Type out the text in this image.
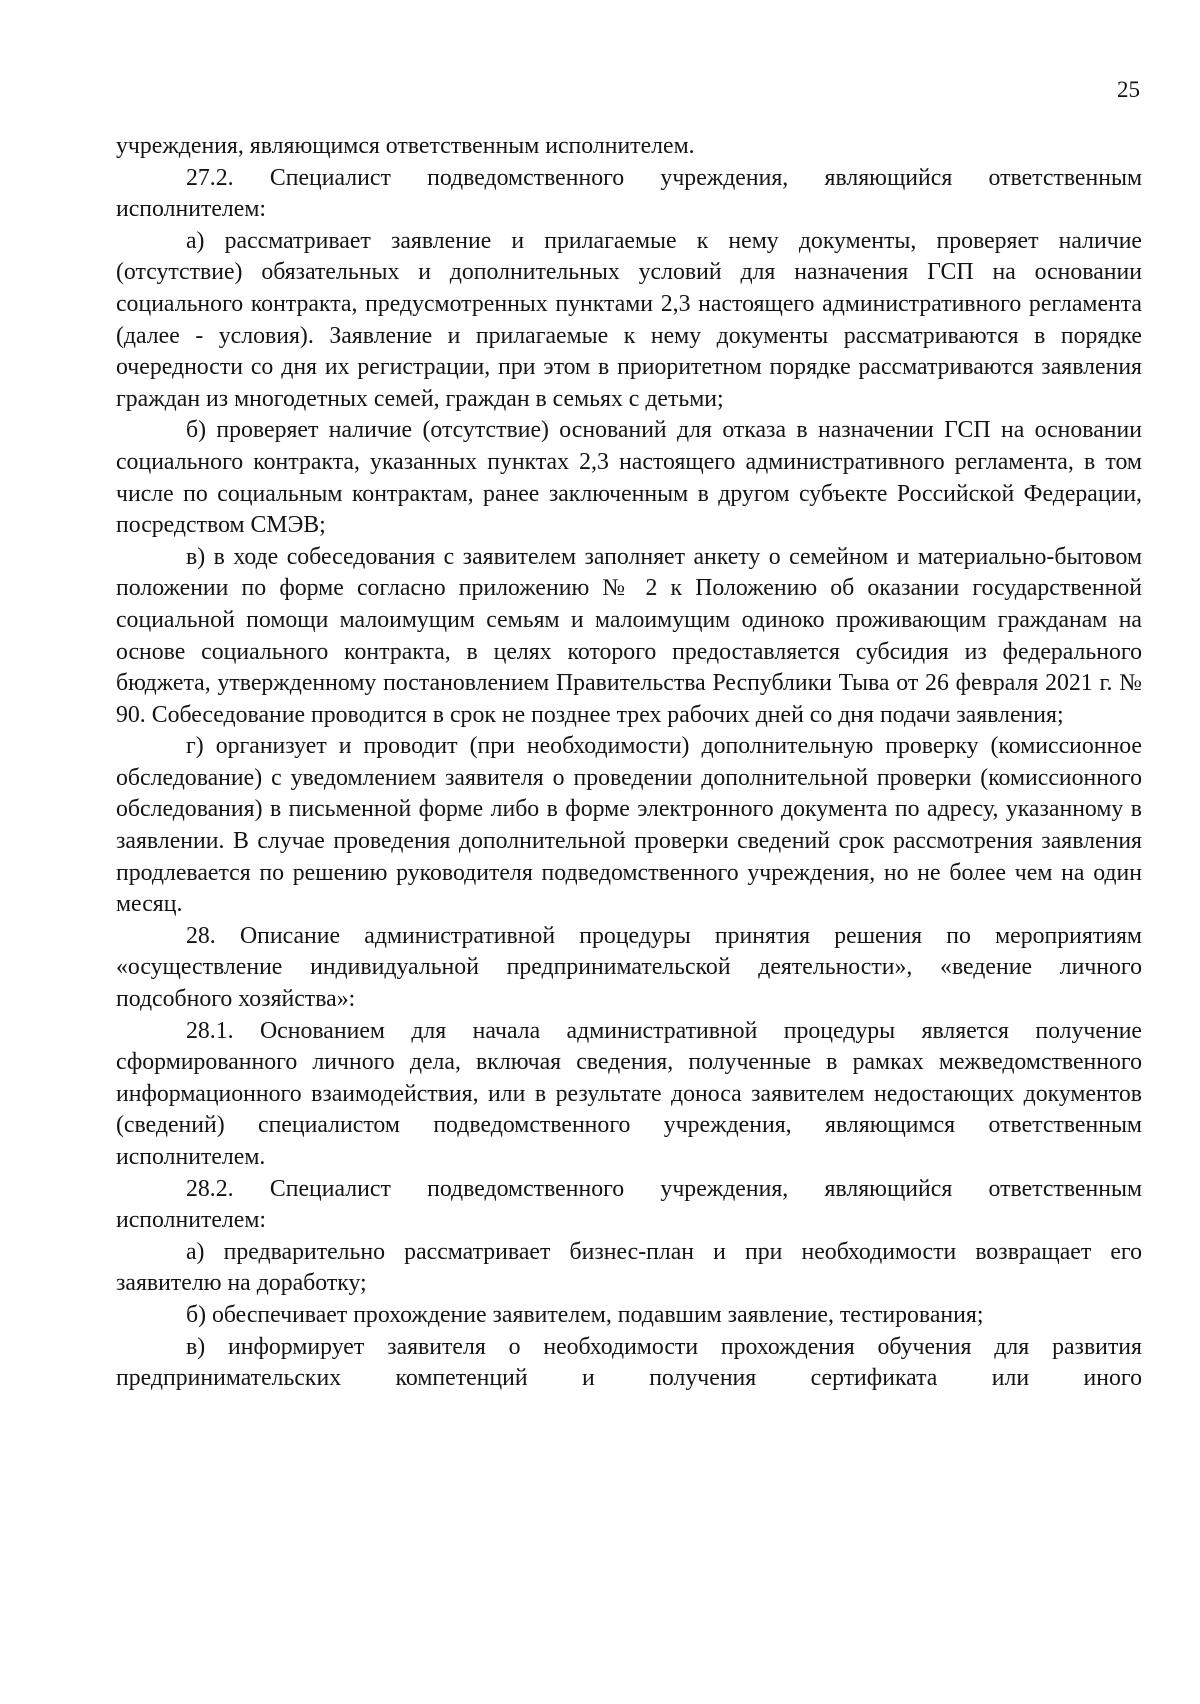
25

учреждения, являющимся ответственным исполнителем.

27.2. Специалист подведомственного учреждения, являющийся ответственным исполнителем:

а) рассматривает заявление и прилагаемые к нему документы, проверяет наличие (отсутствие) обязательных и дополнительных условий для назначения ГСП на основании социального контракта, предусмотренных пунктами 2,3 настоящего административного регламента (далее - условия). Заявление и прилагаемые к нему документы рассматриваются в порядке очередности со дня их регистрации, при этом в приоритетном порядке рассматриваются заявления граждан из многодетных семей, граждан в семьях с детьми;

б) проверяет наличие (отсутствие) оснований для отказа в назначении ГСП на основании социального контракта, указанных пунктах 2,3 настоящего административного регламента, в том числе по социальным контрактам, ранее заключенным в другом субъекте Российской Федерации, посредством СМЭВ;

в) в ходе собеседования с заявителем заполняет анкету о семейном и материально-бытовом положении по форме согласно приложению № 2 к Положению об оказании государственной социальной помощи малоимущим семьям и малоимущим одиноко проживающим гражданам на основе социального контракта, в целях которого предоставляется субсидия из федерального бюджета, утвержденному постановлением Правительства Республики Тыва от 26 февраля 2021 г. № 90. Собеседование проводится в срок не позднее трех рабочих дней со дня подачи заявления;

г) организует и проводит (при необходимости) дополнительную проверку (комиссионное обследование) с уведомлением заявителя о проведении дополнительной проверки (комиссионного обследования) в письменной форме либо в форме электронного документа по адресу, указанному в заявлении. В случае проведения дополнительной проверки сведений срок рассмотрения заявления продлевается по решению руководителя подведомственного учреждения, но не более чем на один месяц.

28. Описание административной процедуры принятия решения по мероприятиям «осуществление индивидуальной предпринимательской деятельности», «ведение личного подсобного хозяйства»:

28.1. Основанием для начала административной процедуры является получение сформированного личного дела, включая сведения, полученные в рамках межведомственного информационного взаимодействия, или в результате доноса заявителем недостающих документов (сведений) специалистом подведомственного учреждения, являющимся ответственным исполнителем.

28.2. Специалист подведомственного учреждения, являющийся ответственным исполнителем:

а) предварительно рассматривает бизнес-план и при необходимости возвращает его заявителю на доработку;

б) обеспечивает прохождение заявителем, подавшим заявление, тестирования;

в) информирует заявителя о необходимости прохождения обучения для развития предпринимательских компетенций и получения сертификата или иного
